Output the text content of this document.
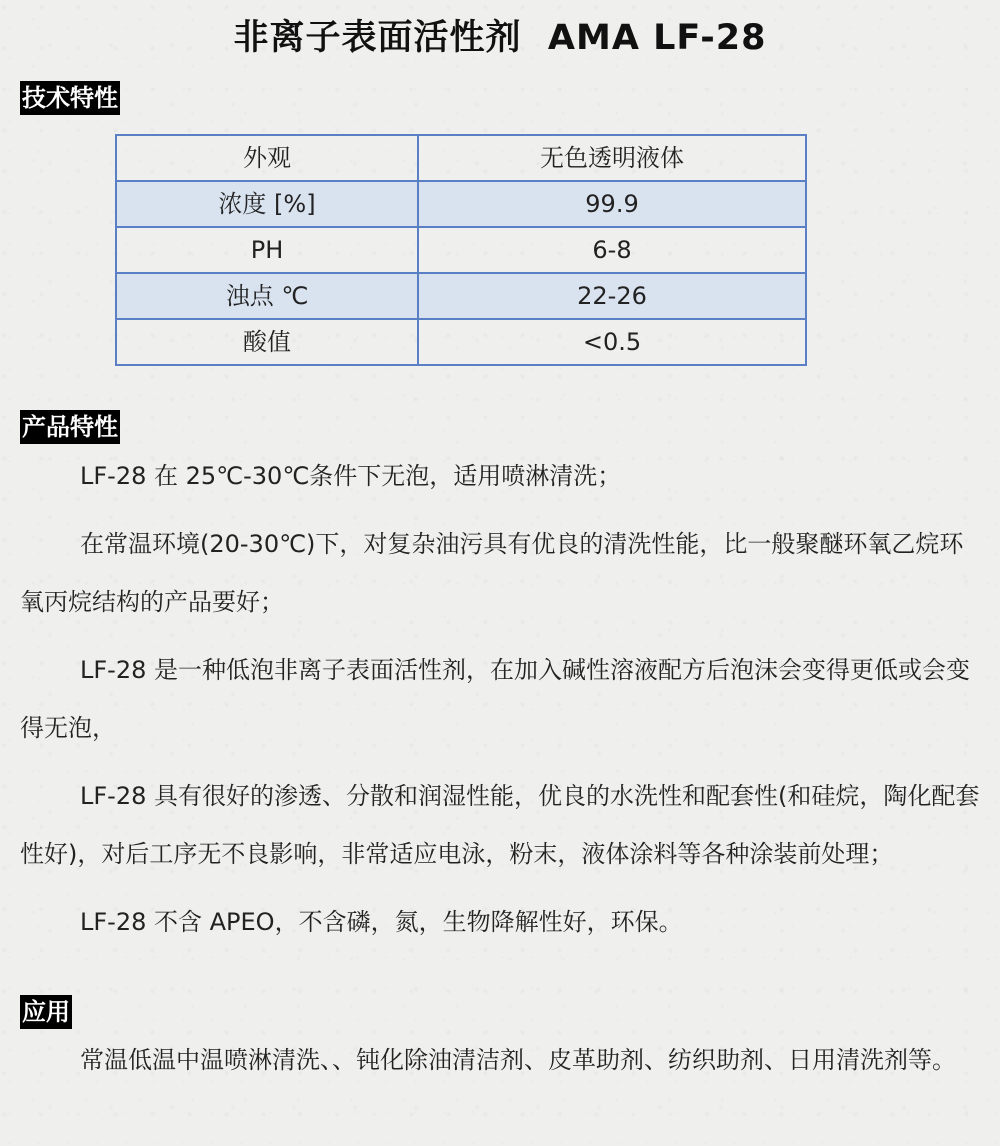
非离子表面活性剂  AMA LF-28
技术特性
外观	无色透明液体
浓度 [%]	99.9
PH	6-8
浊点 ℃	22-26
酸值	<0.5
产品特性

LF-28 在 25℃-30℃条件下无泡，适用喷淋清洗；

在常温环境(20-30℃)下，对复杂油污具有优良的清洗性能，比一般聚醚环氧乙烷环氧丙烷结构的产品要好；

LF-28 是一种低泡非离子表面活性剂，在加入碱性溶液配方后泡沫会变得更低或会变得无泡，

LF-28 具有很好的渗透、分散和润湿性能，优良的水洗性和配套性(和硅烷，陶化配套性好)，对后工序无不良影响，非常适应电泳，粉末，液体涂料等各种涂装前处理；

LF-28 不含 APEO，不含磷，氮，生物降解性好，环保。

应用

常温低温中温喷淋清洗、、钝化除油清洁剂、皮革助剂、纺织助剂、日用清洗剂等。
